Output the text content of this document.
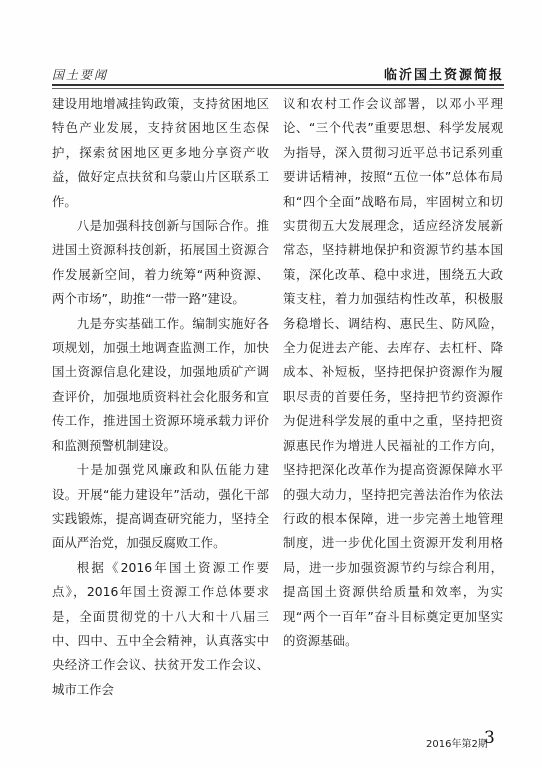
国土要闻	临沂国土资源简报

建设用地增减挂钩政策，支持贫困地区特色产业发展，支持贫困地区生态保护，探索贫困地区更多地分享资产收益，做好定点扶贫和乌蒙山片区联系工作。

八是加强科技创新与国际合作。推进国土资源科技创新，拓展国土资源合作发展新空间，着力统筹“两种资源、两个市场”，助推“一带一路”建设。

九是夯实基础工作。编制实施好各项规划，加强土地调查监测工作，加快国土资源信息化建设，加强地质矿产调查评价，加强地质资料社会化服务和宣传工作，推进国土资源环境承载力评价和监测预警机制建设。

十是加强党风廉政和队伍能力建设。开展“能力建设年”活动，强化干部实践锻炼，提高调查研究能力，坚持全面从严治党，加强反腐败工作。

根据《2016年国土资源工作要点》，2016年国土资源工作总体要求是，全面贯彻党的十八大和十八届三中、四中、五中全会精神，认真落实中央经济工作会议、扶贫开发工作会议、城市工作会

议和农村工作会议部署，以邓小平理论、“三个代表”重要思想、科学发展观为指导，深入贯彻习近平总书记系列重要讲话精神，按照“五位一体”总体布局和“四个全面”战略布局，牢固树立和切实贯彻五大发展理念，适应经济发展新常态，坚持耕地保护和资源节约基本国策，深化改革、稳中求进，围绕五大政策支柱，着力加强结构性改革，积极服务稳增长、调结构、惠民生、防风险，全力促进去产能、去库存、去杠杆、降成本、补短板，坚持把保护资源作为履职尽责的首要任务，坚持把节约资源作为促进科学发展的重中之重，坚持把资源惠民作为增进人民福祉的工作方向，坚持把深化改革作为提高资源保障水平的强大动力，坚持把完善法治作为依法行政的根本保障，进一步完善土地管理制度，进一步优化国土资源开发利用格局，进一步加强资源节约与综合利用，提高国土资源供给质量和效率，为实现“两个一百年”奋斗目标奠定更加坚实的资源基础。

2016年第2期
3
